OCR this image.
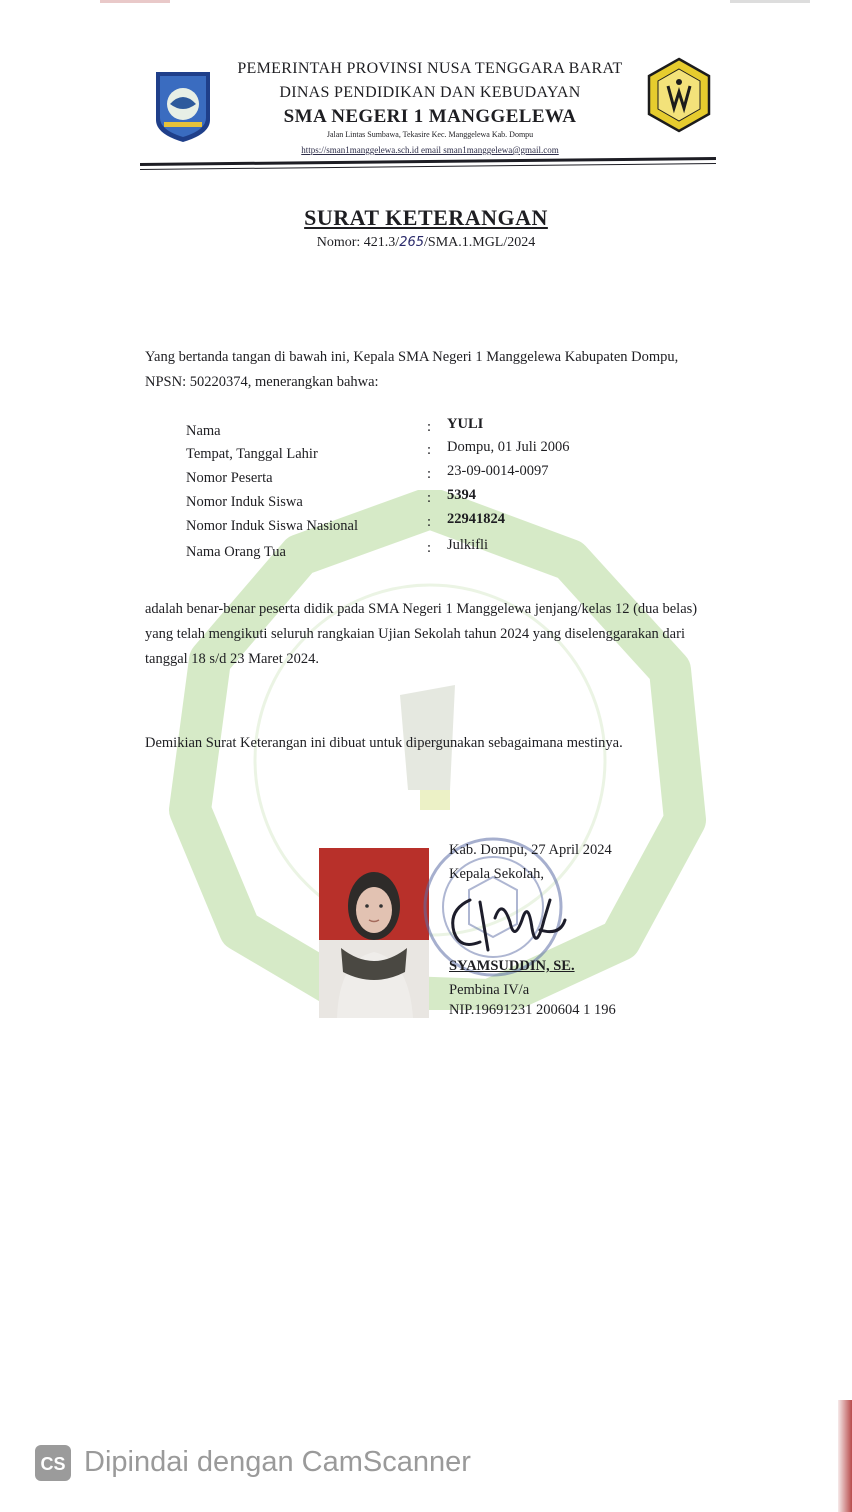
PEMERINTAH PROVINSI NUSA TENGGARA BARAT
DINAS PENDIDIKAN DAN KEBUDAYAN
SMA NEGERI 1 MANGGELEWA
Jalan Lintas Sumbawa, Tekasire Kec. Manggelewa Kab. Dompu
https://sman1manggelewa.sch.id email sman1manggelewa@gmail.com
SURAT KETERANGAN
Nomor: 421.3/265/SMA.1.MGL/2024
Yang bertanda tangan di bawah ini, Kepala SMA Negeri 1 Manggelewa Kabupaten Dompu, NPSN: 50220374, menerangkan bahwa:
Nama	: YULI
Tempat, Tanggal Lahir	: Dompu, 01 Juli 2006
Nomor Peserta	: 23-09-0014-0097
Nomor Induk Siswa	: 5394
Nomor Induk Siswa Nasional	: 22941824
Nama Orang Tua	: Julkifli
adalah benar-benar peserta didik pada SMA Negeri 1 Manggelewa jenjang/kelas 12 (dua belas) yang telah mengikuti seluruh rangkaian Ujian Sekolah tahun 2024 yang diselenggarakan dari tanggal 18 s/d 23 Maret 2024.
Demikian Surat Keterangan ini dibuat untuk dipergunakan sebagaimana mestinya.
Kab. Dompu, 27 April 2024
Kepala Sekolah,
SYAMSUDDIN, SE.
Pembina IV/a
NIP.19691231 200604 1 196
CS Dipindai dengan CamScanner
